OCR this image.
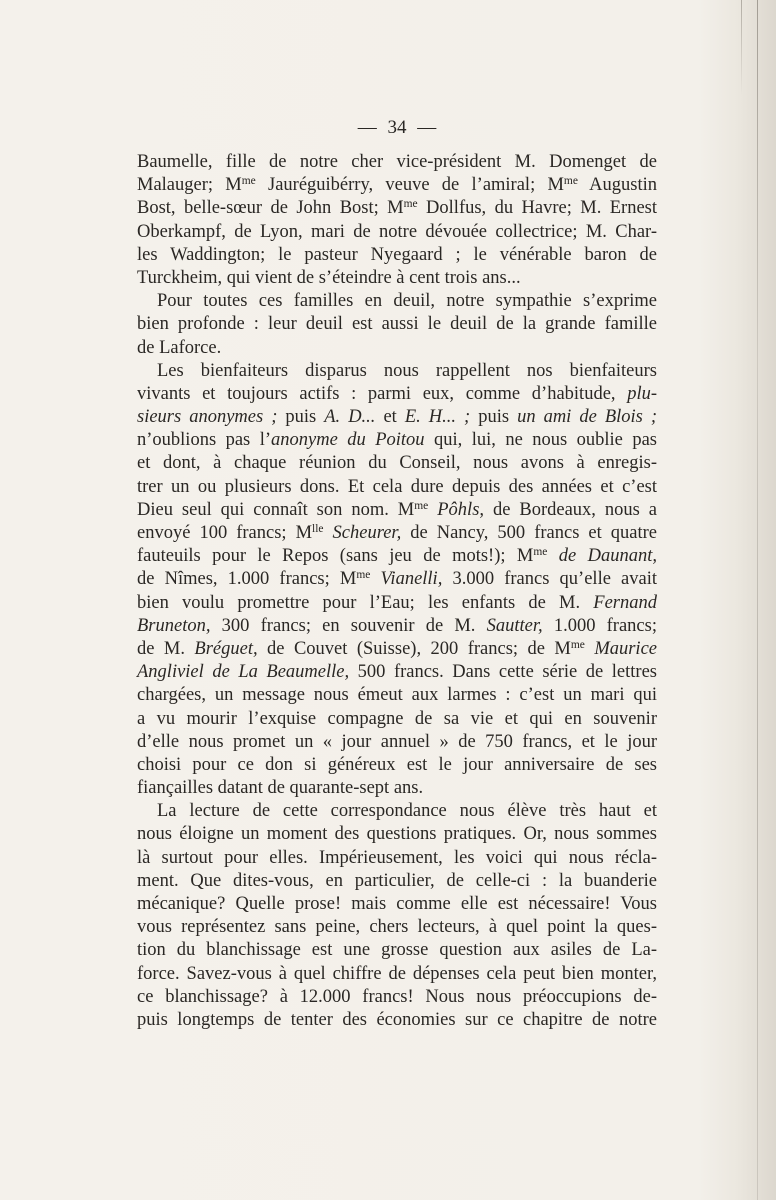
— 34 —
Baumelle, fille de notre cher vice-président M. Domenget de
Malauger; $M^{me}$ Jauréguibérry, veuve de l’amiral; $M^{me}$ Augustin
Bost, belle-sœur de John Bost; $M^{me}$ Dollfus, du Havre; M. Ernest
Oberkampf, de Lyon, mari de notre dévouée collectrice; M. Char-
les Waddington; le pasteur Nyegaard ; le vénérable baron de
Turckheim, qui vient de s’éteindre à cent trois ans...
Pour toutes ces familles en deuil, notre sympathie s’exprime
bien profonde : leur deuil est aussi le deuil de la grande famille
de Laforce.
Les bienfaiteurs disparus nous rappellent nos bienfaiteurs
vivants et toujours actifs : parmi eux, comme d’habitude, plu-
sieurs anonymes ; puis A. D... et E. H... ; puis un ami de Blois ;
n’oublions pas l’anonyme du Poitou qui, lui, ne nous oublie pas
et dont, à chaque réunion du Conseil, nous avons à enregis-
trer un ou plusieurs dons. Et cela dure depuis des années et c’est
Dieu seul qui connaît son nom. $M^{me}$ Pôhls, de Bordeaux, nous a
envoyé 100 francs; $M^{lle}$ Scheurer, de Nancy, 500 francs et quatre
fauteuils pour le Repos (sans jeu de mots!); $M^{me}$ de Daunant,
de Nîmes, 1.000 francs; $M^{me}$ Vianelli, 3.000 francs qu’elle avait
bien voulu promettre pour l’Eau; les enfants de M. Fernand
Bruneton, 300 francs; en souvenir de M. Sautter, 1.000 francs;
de M. Bréguet, de Couvet (Suisse), 200 francs; de $M^{me}$ Maurice
Angliviel de La Beaumelle, 500 francs. Dans cette série de lettres
chargées, un message nous émeut aux larmes : c’est un mari qui
a vu mourir l’exquise compagne de sa vie et qui en souvenir
d’elle nous promet un « jour annuel » de 750 francs, et le jour
choisi pour ce don si généreux est le jour anniversaire de ses
fiançailles datant de quarante-sept ans.
La lecture de cette correspondance nous élève très haut et
nous éloigne un moment des questions pratiques. Or, nous sommes
là surtout pour elles. Impérieusement, les voici qui nous récla-
ment. Que dites-vous, en particulier, de celle-ci : la buanderie
mécanique? Quelle prose! mais comme elle est nécessaire! Vous
vous représentez sans peine, chers lecteurs, à quel point la ques-
tion du blanchissage est une grosse question aux asiles de La-
force. Savez-vous à quel chiffre de dépenses cela peut bien monter,
ce blanchissage? à 12.000 francs! Nous nous préoccupions de-
puis longtemps de tenter des économies sur ce chapitre de notre
